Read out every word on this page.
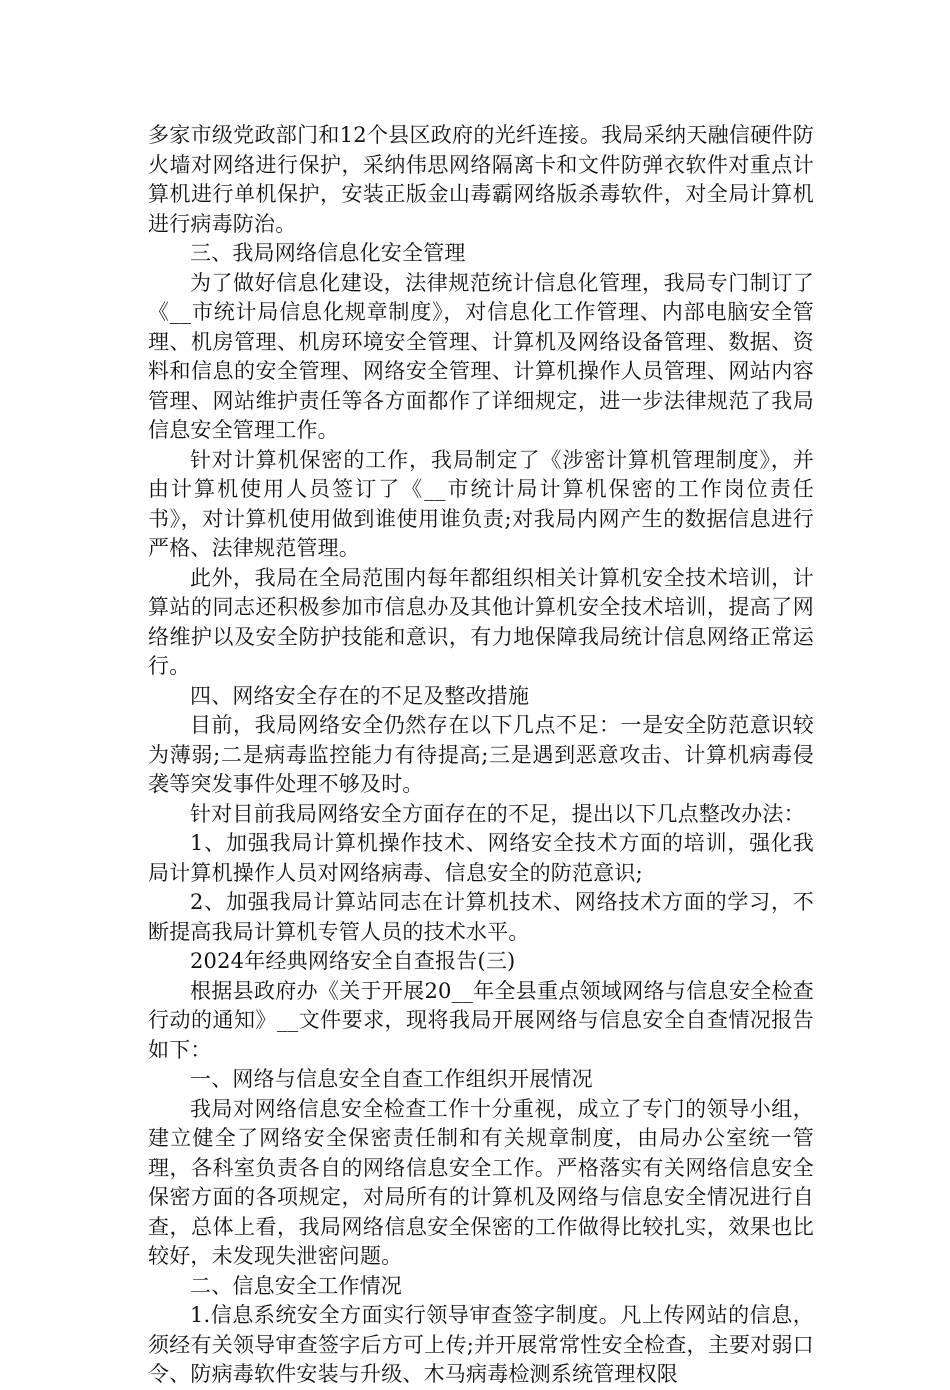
多家市级党政部门和12个县区政府的光纤连接。我局采纳天融信硬件防火墙对网络进行保护，采纳伟思网络隔离卡和文件防弹衣软件对重点计算机进行单机保护，安装正版金山毒霸网络版杀毒软件，对全局计算机进行病毒防治。

三、我局网络信息化安全管理

为了做好信息化建设，法律规范统计信息化管理，我局专门制订了《__市统计局信息化规章制度》，对信息化工作管理、内部电脑安全管理、机房管理、机房环境安全管理、计算机及网络设备管理、数据、资料和信息的安全管理、网络安全管理、计算机操作人员管理、网站内容管理、网站维护责任等各方面都作了详细规定，进一步法律规范了我局信息安全管理工作。

针对计算机保密的工作，我局制定了《涉密计算机管理制度》，并由计算机使用人员签订了《__市统计局计算机保密的工作岗位责任书》，对计算机使用做到谁使用谁负责;对我局内网产生的数据信息进行严格、法律规范管理。

此外，我局在全局范围内每年都组织相关计算机安全技术培训，计算站的同志还积极参加市信息办及其他计算机安全技术培训，提高了网络维护以及安全防护技能和意识，有力地保障我局统计信息网络正常运行。

四、网络安全存在的不足及整改措施

目前，我局网络安全仍然存在以下几点不足：一是安全防范意识较为薄弱;二是病毒监控能力有待提高;三是遇到恶意攻击、计算机病毒侵袭等突发事件处理不够及时。

针对目前我局网络安全方面存在的不足，提出以下几点整改办法：

1、加强我局计算机操作技术、网络安全技术方面的培训，强化我局计算机操作人员对网络病毒、信息安全的防范意识;

2、加强我局计算站同志在计算机技术、网络技术方面的学习，不断提高我局计算机专管人员的技术水平。

2024年经典网络安全自查报告(三)

根据县政府办《关于开展20__年全县重点领域网络与信息安全检查行动的通知》__文件要求，现将我局开展网络与信息安全自查情况报告如下：

一、网络与信息安全自查工作组织开展情况

我局对网络信息安全检查工作十分重视，成立了专门的领导小组，建立健全了网络安全保密责任制和有关规章制度，由局办公室统一管理，各科室负责各自的网络信息安全工作。严格落实有关网络信息安全保密方面的各项规定，对局所有的计算机及网络与信息安全情况进行自查，总体上看，我局网络信息安全保密的工作做得比较扎实，效果也比较好，未发现失泄密问题。

二、信息安全工作情况

1.信息系统安全方面实行领导审查签字制度。凡上传网站的信息，须经有关领导审查签字后方可上传;并开展常常性安全检查，主要对弱口令、防病毒软件安装与升级、木马病毒检测系统管理权限
